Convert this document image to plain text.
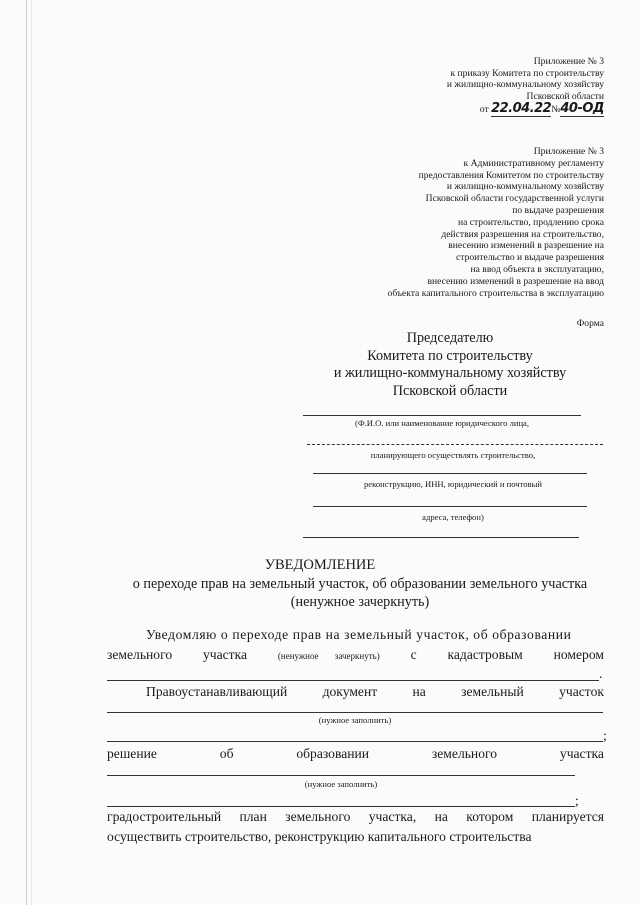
Приложение № 3
к приказу Комитета по строительству
и жилищно-коммунальному хозяйству
Псковской области
от 22.04.22№40-ОД
Приложение № 3
к Административному регламенту
предоставления Комитетом по строительству
и жилищно-коммунальному хозяйству
Псковской области государственной услуги
по выдаче разрешения
на строительство, продлению срока
действия разрешения на строительство,
внесению изменений в разрешение на
строительство и выдаче разрешения
на ввод объекта в эксплуатацию,
внесению изменений в разрешение на ввод
объекта капитального строительства в эксплуатацию
Форма
Председателю
Комитета по строительству
и жилищно-коммунальному хозяйству
Псковской области
(Ф.И.О. или наименование юридического лица,
планирующего осуществлять строительство,
реконструкцию, ИНН, юридический и почтовый
адреса, телефон)
УВЕДОМЛЕНИЕ
о переходе прав на земельный участок, об образовании земельного участка
(ненужное зачеркнуть)
Уведомляю о переходе прав на земельный участок, об образовании
земельного участка	(ненужное зачеркнуть) с кадастровым номером
.
Правоустанавливающий	документ	на	земельный	участок
(нужное заполнить)
;
решение	об	образовании	земельного	участка
(нужное заполнить)
;
градостроительный план земельного участка, на котором планируется
осуществить строительство, реконструкцию капитального строительства
